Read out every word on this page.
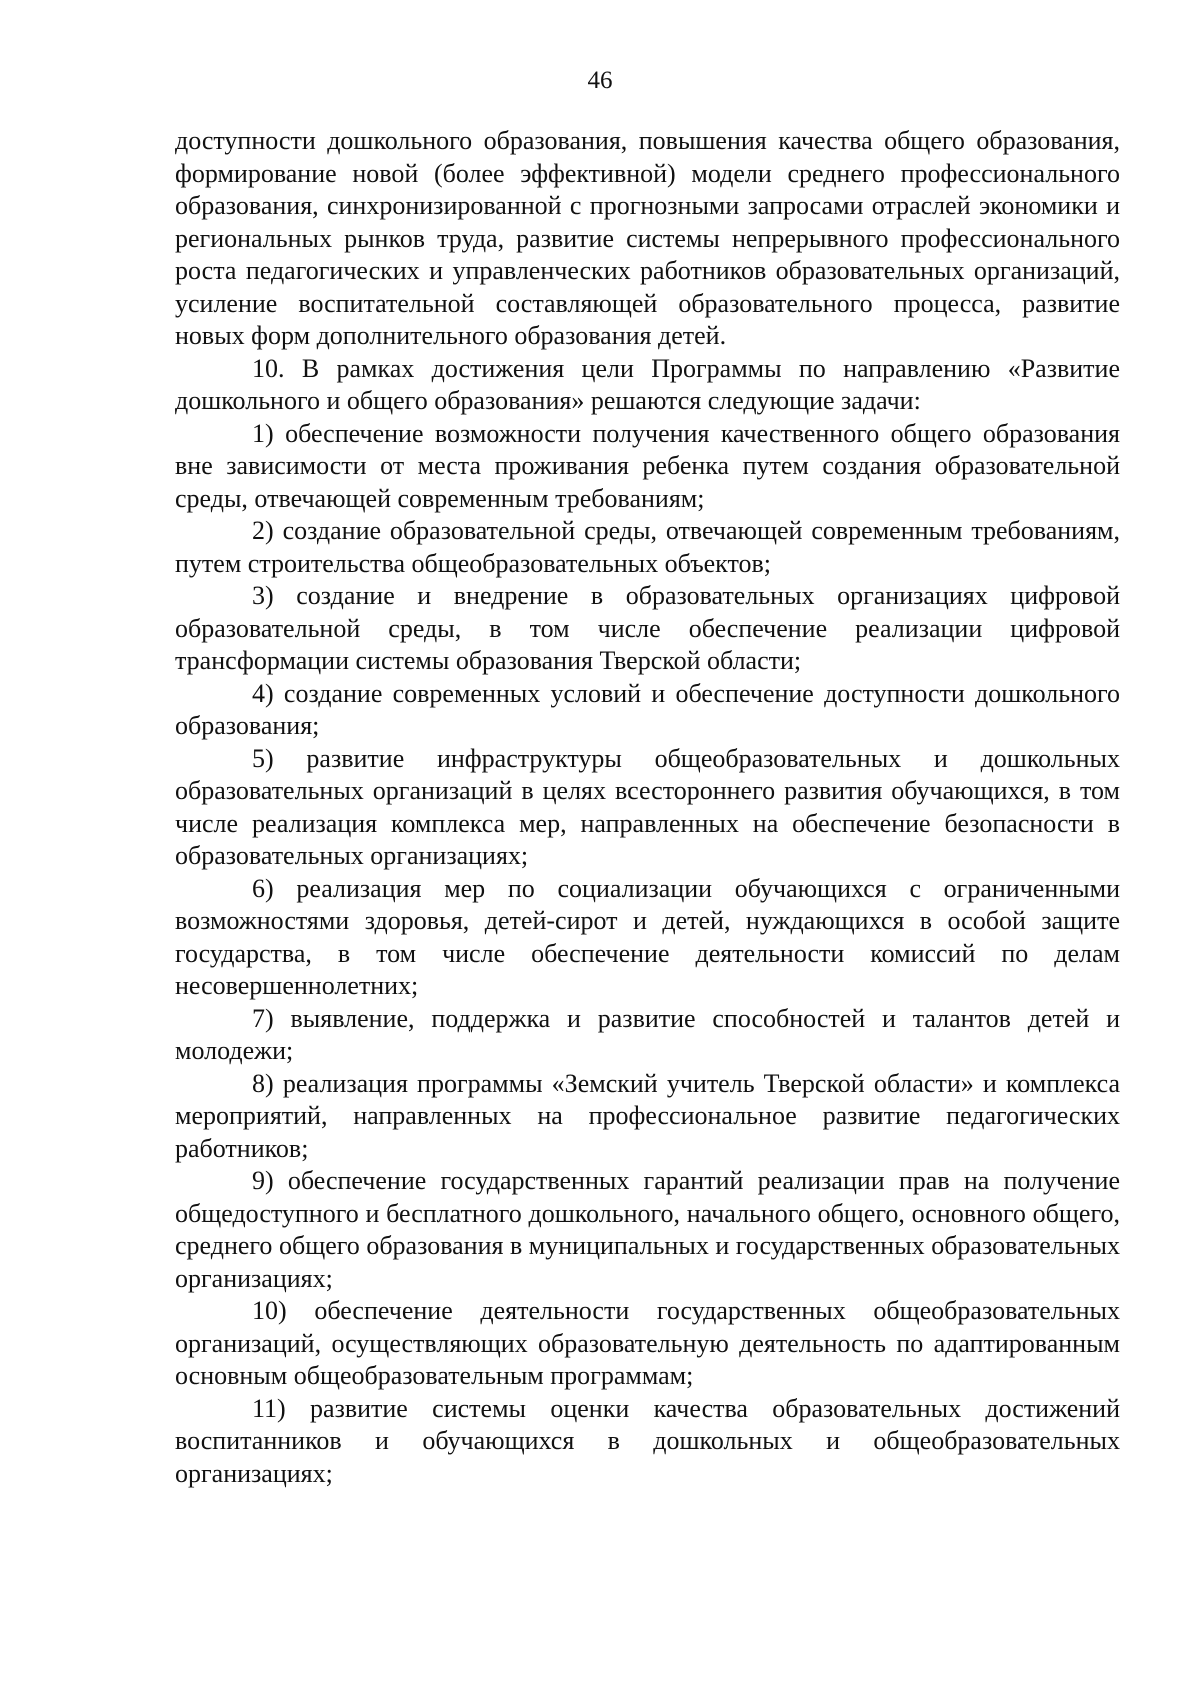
46

доступности дошкольного образования, повышения качества общего образования, формирование новой (более эффективной) модели среднего профессионального образования, синхронизированной с прогнозными запросами отраслей экономики и региональных рынков труда, развитие системы непрерывного профессионального роста педагогических и управленческих работников образовательных организаций, усиление воспитательной составляющей образовательного процесса, развитие новых форм дополнительного образования детей.

10. В рамках достижения цели Программы по направлению «Развитие дошкольного и общего образования» решаются следующие задачи:

1) обеспечение возможности получения качественного общего образования вне зависимости от места проживания ребенка путем создания образовательной среды, отвечающей современным требованиям;

2) создание образовательной среды, отвечающей современным требованиям, путем строительства общеобразовательных объектов;

3) создание и внедрение в образовательных организациях цифровой образовательной среды, в том числе обеспечение реализации цифровой трансформации системы образования Тверской области;

4) создание современных условий и обеспечение доступности дошкольного образования;

5) развитие инфраструктуры общеобразовательных и дошкольных образовательных организаций в целях всестороннего развития обучающихся, в том числе реализация комплекса мер, направленных на обеспечение безопасности в образовательных организациях;

6) реализация мер по социализации обучающихся с ограниченными возможностями здоровья, детей-сирот и детей, нуждающихся в особой защите государства, в том числе обеспечение деятельности комиссий по делам несовершеннолетних;

7) выявление, поддержка и развитие способностей и талантов детей и молодежи;

8) реализация программы «Земский учитель Тверской области» и комплекса мероприятий, направленных на профессиональное развитие педагогических работников;

9) обеспечение государственных гарантий реализации прав на получение общедоступного и бесплатного дошкольного, начального общего, основного общего, среднего общего образования в муниципальных и государственных образовательных организациях;

10) обеспечение деятельности государственных общеобразовательных организаций, осуществляющих образовательную деятельность по адаптированным основным общеобразовательным программам;

11) развитие системы оценки качества образовательных достижений воспитанников и обучающихся в дошкольных и общеобразовательных организациях;
